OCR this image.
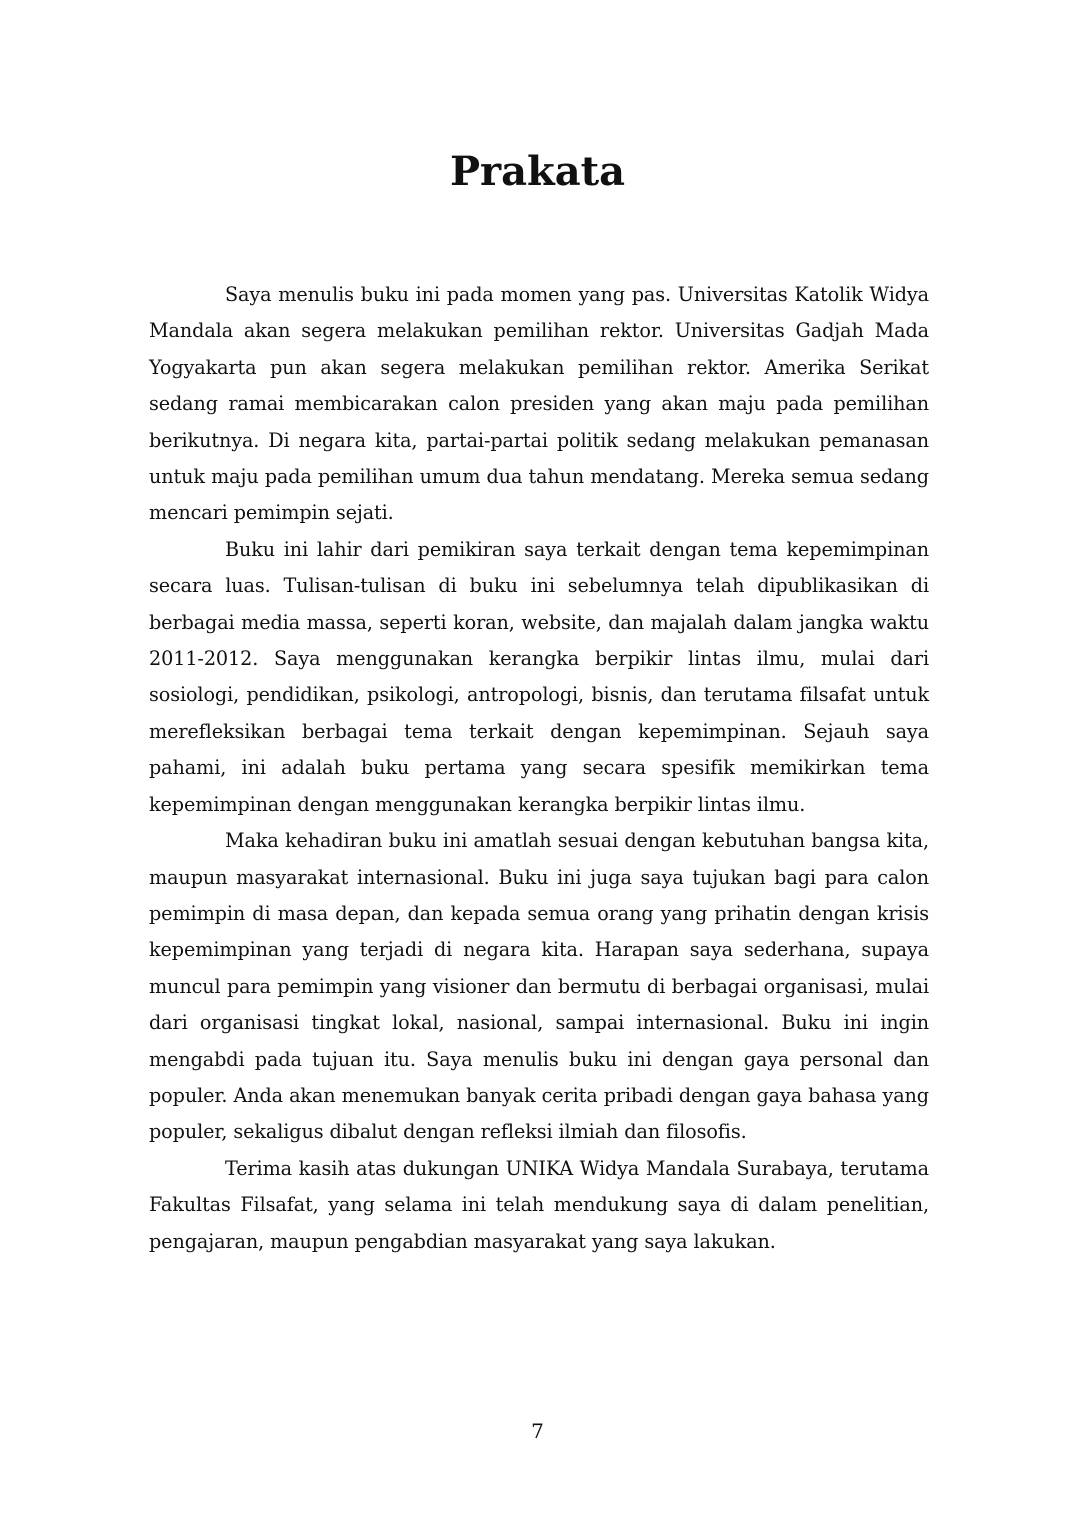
Prakata

Saya menulis buku ini pada momen yang pas. Universitas Katolik Widya Mandala akan segera melakukan pemilihan rektor. Universitas Gadjah Mada Yogyakarta pun akan segera melakukan pemilihan rektor. Amerika Serikat sedang ramai membicarakan calon presiden yang akan maju pada pemilihan berikutnya. Di negara kita, partai-partai politik sedang melakukan pemanasan untuk maju pada pemilihan umum dua tahun mendatang. Mereka semua sedang mencari pemimpin sejati.

Buku ini lahir dari pemikiran saya terkait dengan tema kepemimpinan secara luas. Tulisan-tulisan di buku ini sebelumnya telah dipublikasikan di berbagai media massa, seperti koran, website, dan majalah dalam jangka waktu 2011-2012. Saya menggunakan kerangka berpikir lintas ilmu, mulai dari sosiologi, pendidikan, psikologi, antropologi, bisnis, dan terutama filsafat untuk merefleksikan berbagai tema terkait dengan kepemimpinan. Sejauh saya pahami, ini adalah buku pertama yang secara spesifik memikirkan tema kepemimpinan dengan menggunakan kerangka berpikir lintas ilmu.

Maka kehadiran buku ini amatlah sesuai dengan kebutuhan bangsa kita, maupun masyarakat internasional. Buku ini juga saya tujukan bagi para calon pemimpin di masa depan, dan kepada semua orang yang prihatin dengan krisis kepemimpinan yang terjadi di negara kita. Harapan saya sederhana, supaya muncul para pemimpin yang visioner dan bermutu di berbagai organisasi, mulai dari organisasi tingkat lokal, nasional, sampai internasional. Buku ini ingin mengabdi pada tujuan itu. Saya menulis buku ini dengan gaya personal dan populer. Anda akan menemukan banyak cerita pribadi dengan gaya bahasa yang populer, sekaligus dibalut dengan refleksi ilmiah dan filosofis.

Terima kasih atas dukungan UNIKA Widya Mandala Surabaya, terutama Fakultas Filsafat, yang selama ini telah mendukung saya di dalam penelitian, pengajaran, maupun pengabdian masyarakat yang saya lakukan.

7
